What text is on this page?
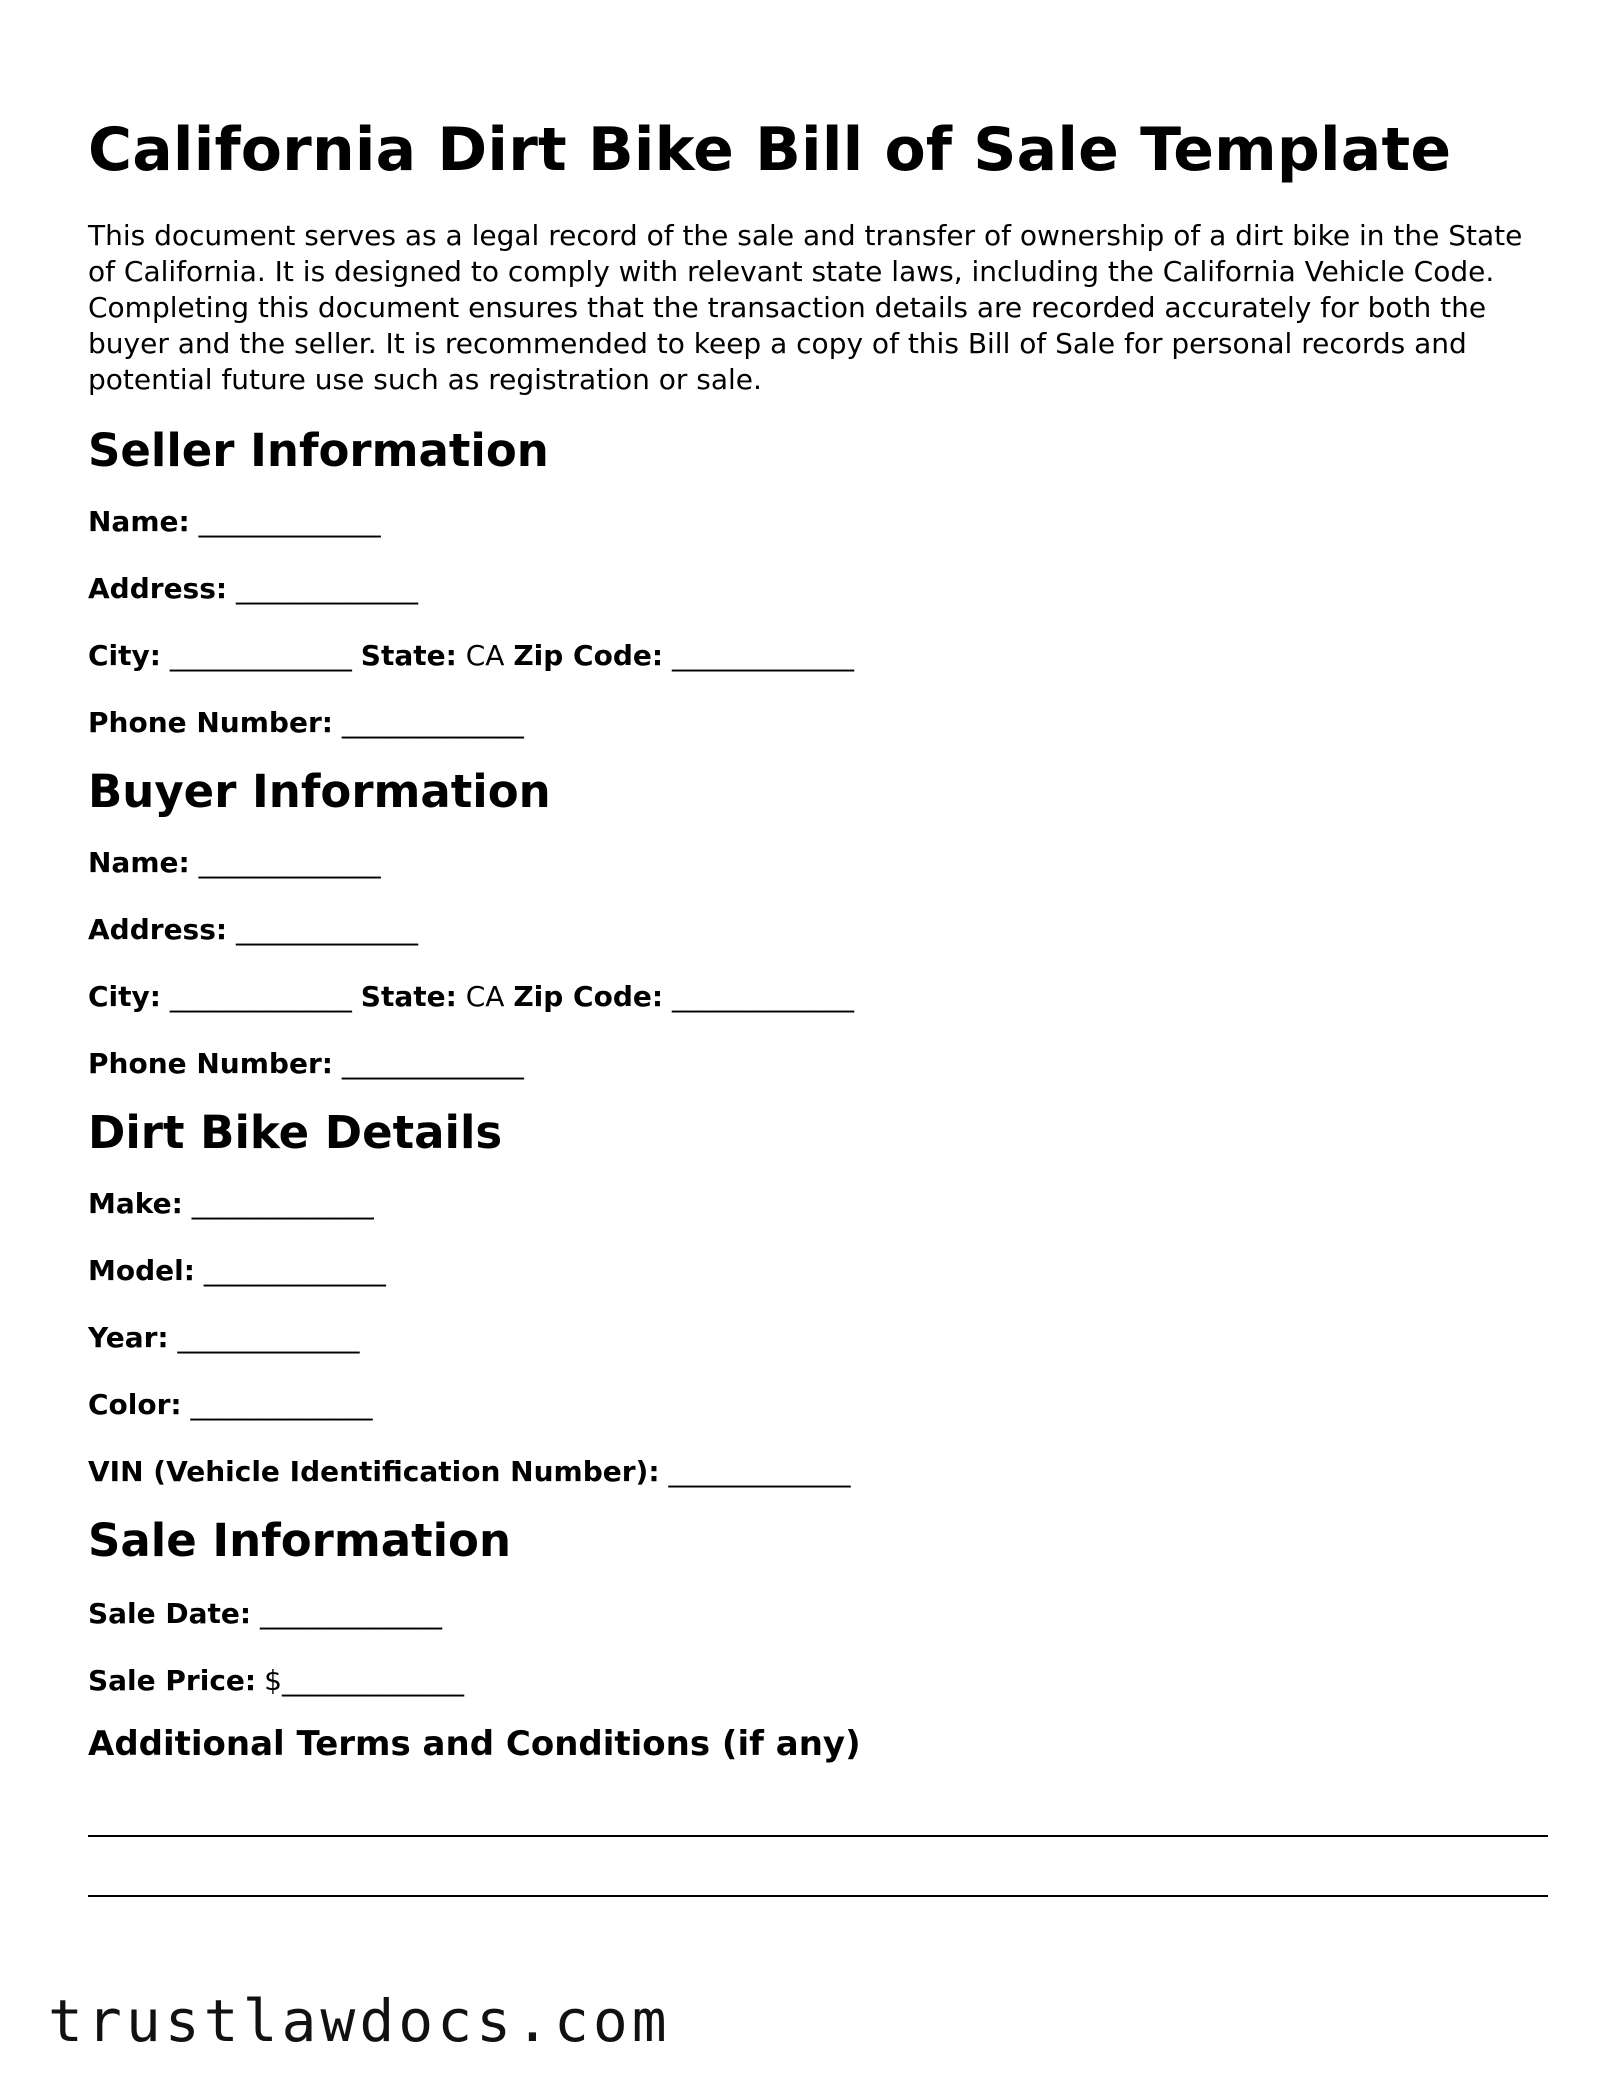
California Dirt Bike Bill of Sale Template

This document serves as a legal record of the sale and transfer of ownership of a dirt bike in the State of California. It is designed to comply with relevant state laws, including the California Vehicle Code. Completing this document ensures that the transaction details are recorded accurately for both the buyer and the seller. It is recommended to keep a copy of this Bill of Sale for personal records and potential future use such as registration or sale.

Seller Information
Name: _____________
Address: _____________
City: _____________ State: CA Zip Code: _____________
Phone Number: _____________
Buyer Information
Name: _____________
Address: _____________
City: _____________ State: CA Zip Code: _____________
Phone Number: _____________
Dirt Bike Details
Make: _____________
Model: _____________
Year: _____________
Color: _____________
VIN (Vehicle Identification Number): _____________
Sale Information
Sale Date: _____________
Sale Price: $_____________
Additional Terms and Conditions (if any)
trustlawdocs.com
